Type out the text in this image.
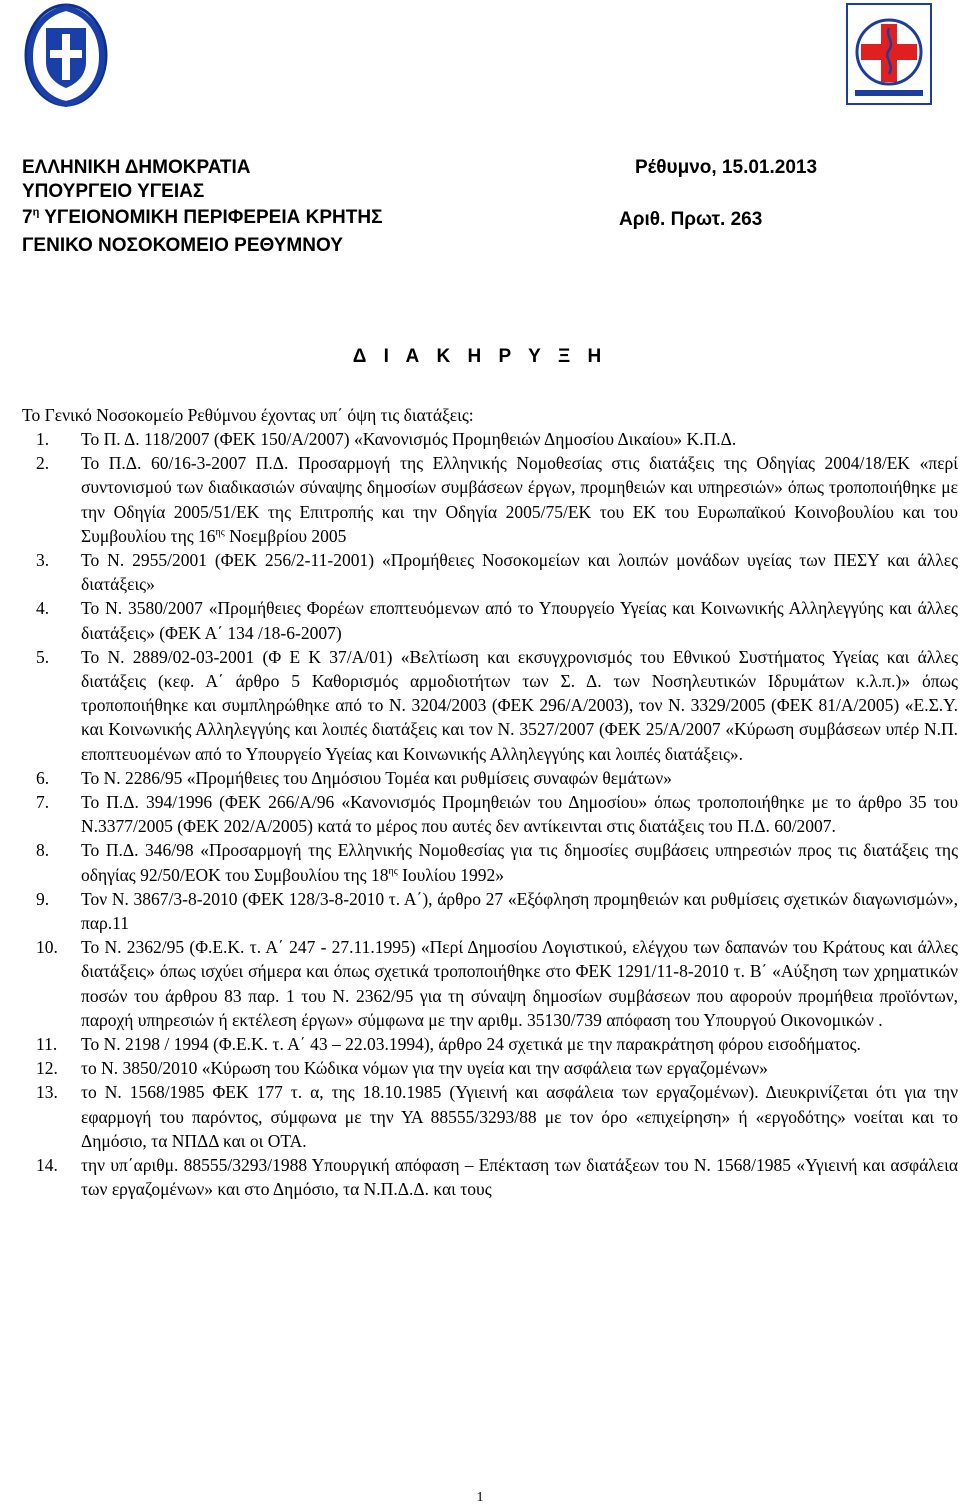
ΕΛΛΗΝΙΚΗ ΔΗΜΟΚΡΑΤΙΑ
ΥΠΟΥΡΓΕΙΟ ΥΓΕΙΑΣ
$7^\eta$ ΥΓΕΙΟΝΟΜΙΚΗ ΠΕΡΙΦΕΡΕΙΑ ΚΡΗΤΗΣ
ΓΕΝΙΚΟ ΝΟΣΟΚΟΜΕΙΟ ΡΕΘΥΜΝΟΥ
Ρέθυμνο, 15.01.2013
Αριθ. Πρωτ. 263
Δ Ι Α Κ Η Ρ Υ Ξ Η
Το Γενικό Νοσοκομείο Ρεθύμνου έχοντας υπ΄ όψη τις διατάξεις:
1. Το Π. Δ. 118/2007 (ΦΕΚ 150/Α/2007) «Κανονισμός Προμηθειών Δημοσίου Δικαίου» Κ.Π.Δ.
2. Το Π.Δ. 60/16-3-2007 Π.Δ. Προσαρμογή της Ελληνικής Νομοθεσίας στις διατάξεις της Οδηγίας 2004/18/ΕΚ «περί συντονισμού των διαδικασιών σύναψης δημοσίων συμβάσεων έργων, προμηθειών και υπηρεσιών» όπως τροποποιήθηκε με την Οδηγία 2005/51/ΕΚ της Επιτροπής και την Οδηγία 2005/75/ΕΚ του ΕΚ του Ευρωπαϊκού Κοινοβουλίου και του Συμβουλίου της $16^{\eta\varsigma}$ Νοεμβρίου 2005
3. Το Ν. 2955/2001 (ΦΕΚ 256/2-11-2001) «Προμήθειες Νοσοκομείων και λοιπών μονάδων υγείας των ΠΕΣΥ και άλλες διατάξεις»
4. Το Ν. 3580/2007 «Προμήθειες Φορέων εποπτευόμενων από το Υπουργείο Υγείας και Κοινωνικής Αλληλεγγύης και άλλες διατάξεις» (ΦΕΚ Α΄ 134 /18-6-2007)
5. Το Ν. 2889/02-03-2001 (Φ Ε Κ 37/Α/01) «Βελτίωση και εκσυγχρονισμός του Εθνικού Συστήματος Υγείας και άλλες διατάξεις (κεφ. Α΄ άρθρο 5 Καθορισμός αρμοδιοτήτων των Σ. Δ. των Νοσηλευτικών Ιδρυμάτων κ.λ.π.)» όπως τροποποιήθηκε και συμπληρώθηκε από το Ν. 3204/2003 (ΦΕΚ 296/Α/2003), τον Ν. 3329/2005 (ΦΕΚ 81/Α/2005) «Ε.Σ.Υ. και Κοινωνικής Αλληλεγγύης και λοιπές διατάξεις και τον Ν. 3527/2007 (ΦΕΚ 25/Α/2007 «Κύρωση συμβάσεων υπέρ Ν.Π. εποπτευομένων από το Υπουργείο Υγείας και Κοινωνικής Αλληλεγγύης και λοιπές διατάξεις».
6. Το Ν. 2286/95 «Προμήθειες του Δημόσιου Τομέα και ρυθμίσεις συναφών θεμάτων»
7. Το Π.Δ. 394/1996 (ΦΕΚ 266/Α/96 «Κανονισμός Προμηθειών του Δημοσίου» όπως τροποποιήθηκε με το άρθρο 35 του Ν.3377/2005 (ΦΕΚ 202/Α/2005) κατά το μέρος που αυτές δεν αντίκεινται στις διατάξεις του Π.Δ. 60/2007.
8. Το Π.Δ. 346/98 «Προσαρμογή της Ελληνικής Νομοθεσίας για τις δημοσίες συμβάσεις υπηρεσιών προς τις διατάξεις της οδηγίας 92/50/ΕΟΚ του Συμβουλίου της $18^{\eta\varsigma}$ Ιουλίου 1992»
9. Τον Ν. 3867/3-8-2010 (ΦΕΚ 128/3-8-2010 τ. Α΄), άρθρο 27 «Εξόφληση προμηθειών και ρυθμίσεις σχετικών διαγωνισμών», παρ.11
10. Το Ν. 2362/95 (Φ.Ε.Κ. τ. Α΄ 247 - 27.11.1995) «Περί Δημοσίου Λογιστικού, ελέγχου των δαπανών του Κράτους και άλλες διατάξεις» όπως ισχύει σήμερα και όπως σχετικά τροποποιήθηκε στο ΦΕΚ 1291/11-8-2010 τ. Β΄ «Αύξηση των χρηματικών ποσών του άρθρου 83 παρ. 1 του Ν. 2362/95 για τη σύναψη δημοσίων συμβάσεων που αφορούν προμήθεια προϊόντων, παροχή υπηρεσιών ή εκτέλεση έργων» σύμφωνα με την αριθμ. 35130/739 απόφαση του Υπουργού Οικονομικών .
11. Το Ν. 2198 / 1994 (Φ.Ε.Κ. τ. Α΄ 43 – 22.03.1994), άρθρο 24 σχετικά με την παρακράτηση φόρου εισοδήματος.
12. το Ν. 3850/2010 «Κύρωση του Κώδικα νόμων για την υγεία και την ασφάλεια των εργαζομένων»
13. το Ν. 1568/1985 ΦΕΚ 177 τ. α, της 18.10.1985 (Υγιεινή και ασφάλεια των εργαζομένων). Διευκρινίζεται ότι για την εφαρμογή του παρόντος, σύμφωνα με την ΥΑ 88555/3293/88 με τον όρο «επιχείρηση» ή «εργοδότης» νοείται και το Δημόσιο, τα ΝΠΔΔ και οι ΟΤΑ.
14. την υπ΄αριθμ. 88555/3293/1988 Υπουργική απόφαση – Επέκταση των διατάξεων του Ν. 1568/1985 «Υγιεινή και ασφάλεια των εργαζομένων» και στο Δημόσιο, τα Ν.Π.Δ.Δ. και τους
1
